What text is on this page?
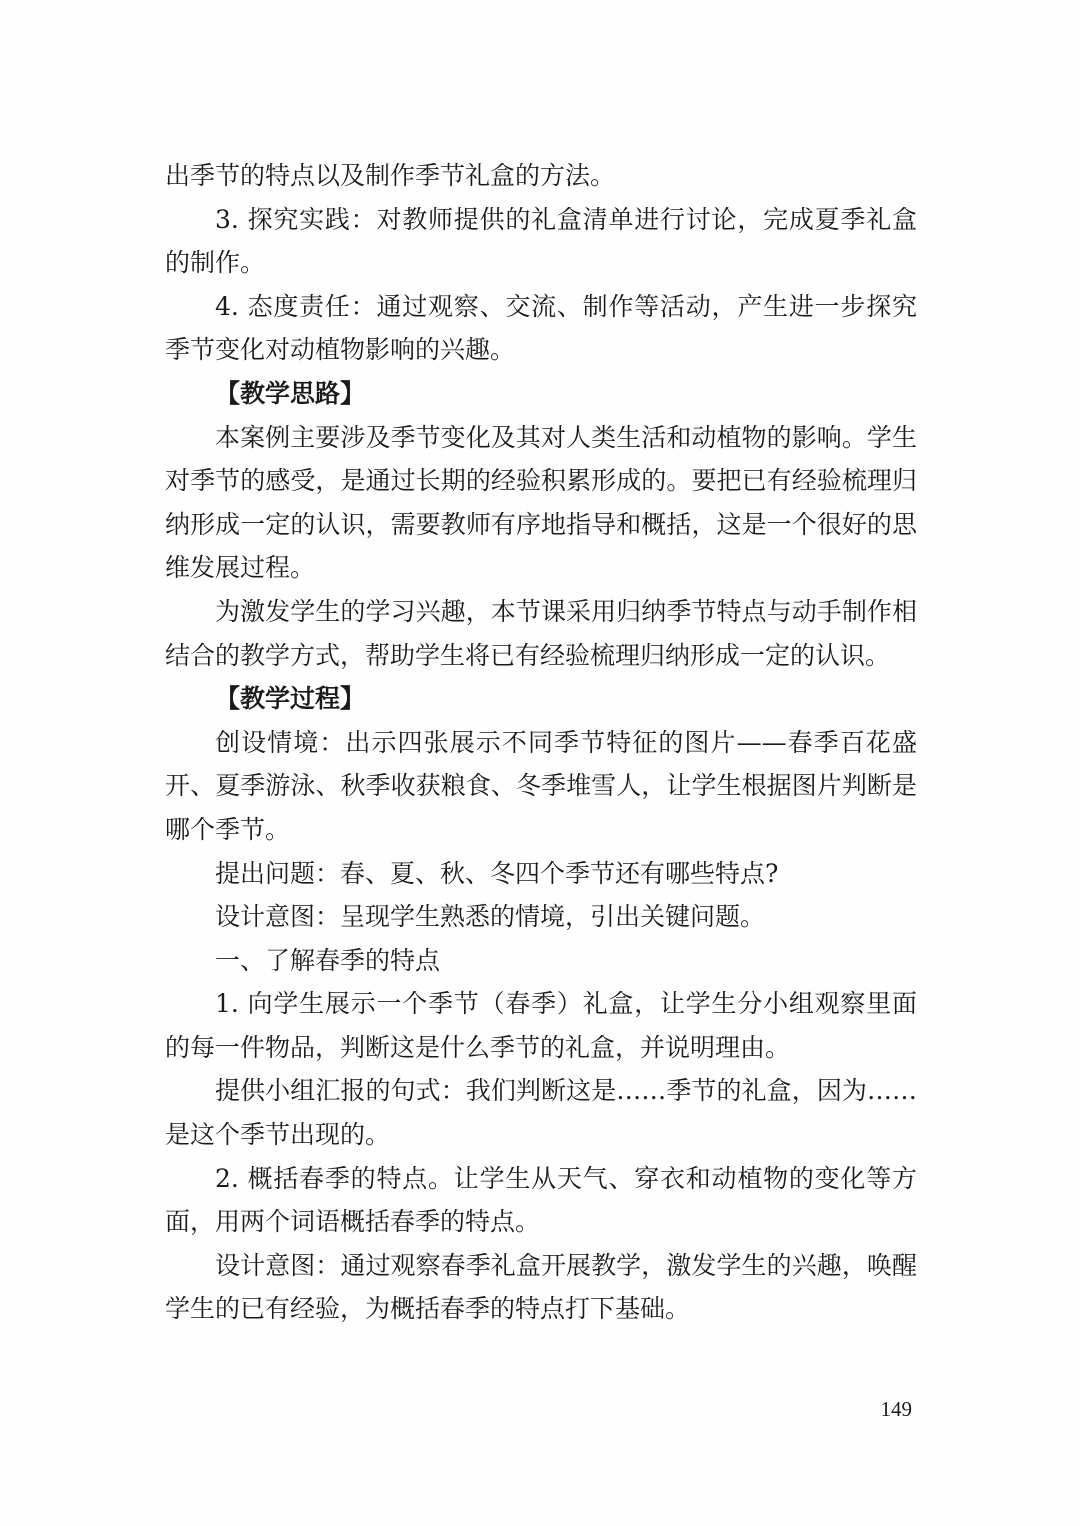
出季节的特点以及制作季节礼盒的方法。
3. 探究实践：对教师提供的礼盒清单进行讨论，完成夏季礼盒
的制作。
4. 态度责任：通过观察、交流、制作等活动，产生进一步探究
季节变化对动植物影响的兴趣。
【教学思路】
本案例主要涉及季节变化及其对人类生活和动植物的影响。学生
对季节的感受，是通过长期的经验积累形成的。要把已有经验梳理归
纳形成一定的认识，需要教师有序地指导和概括，这是一个很好的思
维发展过程。
为激发学生的学习兴趣，本节课采用归纳季节特点与动手制作相
结合的教学方式，帮助学生将已有经验梳理归纳形成一定的认识。
【教学过程】
创设情境：出示四张展示不同季节特征的图片——春季百花盛
开、夏季游泳、秋季收获粮食、冬季堆雪人，让学生根据图片判断是
哪个季节。
提出问题：春、夏、秋、冬四个季节还有哪些特点?
设计意图：呈现学生熟悉的情境，引出关键问题。
一、了解春季的特点
1. 向学生展示一个季节（春季）礼盒，让学生分小组观察里面
的每一件物品，判断这是什么季节的礼盒，并说明理由。
提供小组汇报的句式：我们判断这是……季节的礼盒，因为……
是这个季节出现的。
2. 概括春季的特点。让学生从天气、穿衣和动植物的变化等方
面，用两个词语概括春季的特点。
设计意图：通过观察春季礼盒开展教学，激发学生的兴趣，唤醒
学生的已有经验，为概括春季的特点打下基础。
149
